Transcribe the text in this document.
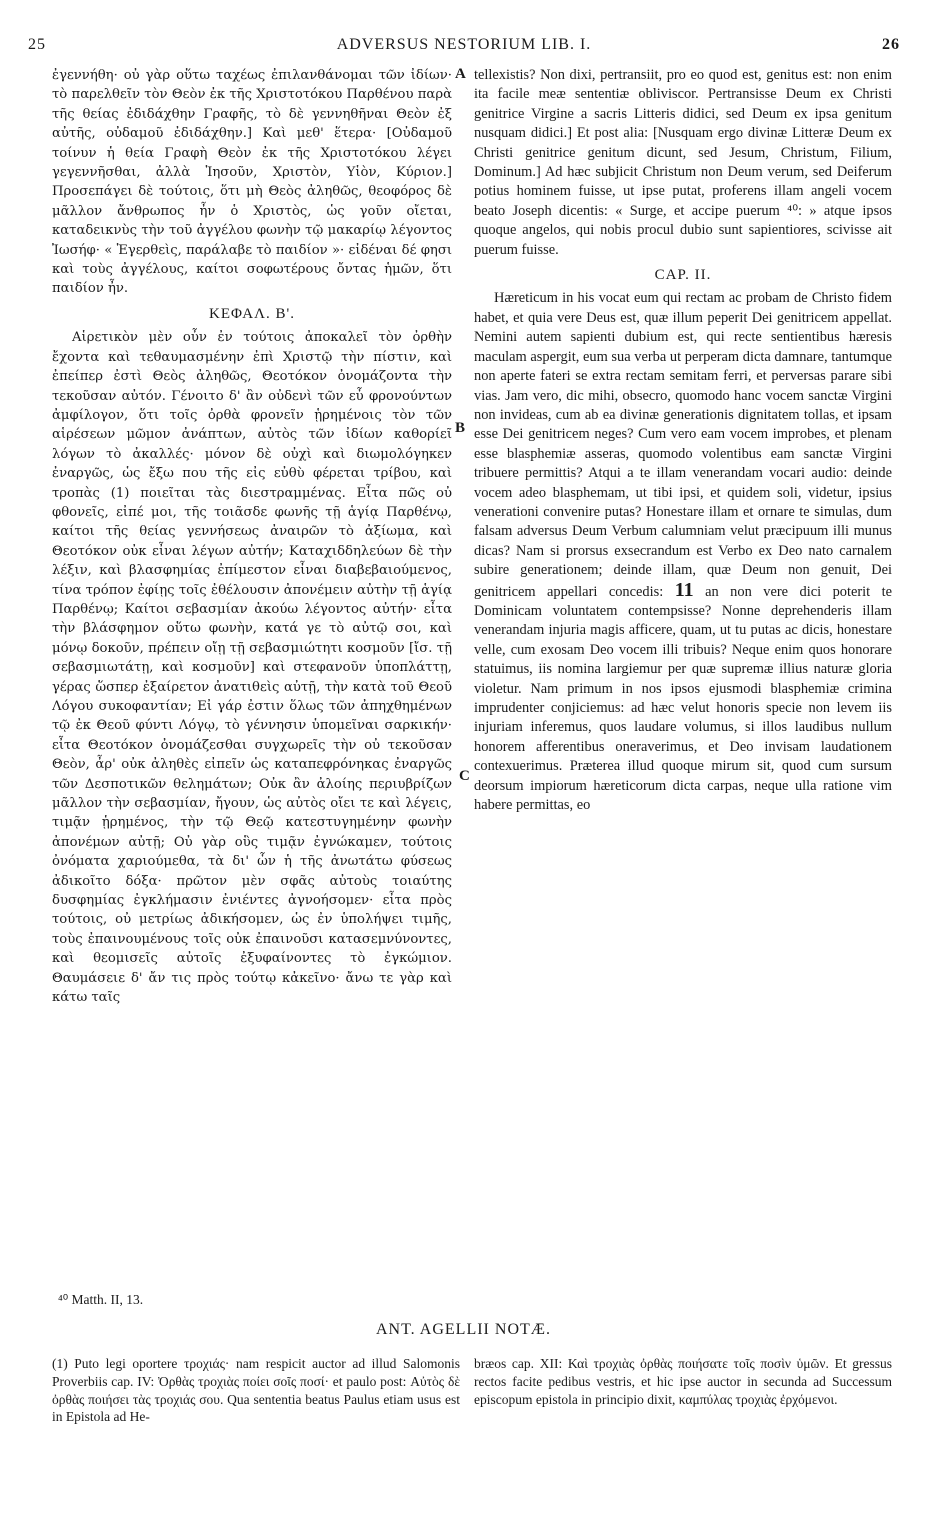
25	ADVERSUS NESTORIUM LIB. I.	26
A
B
C

ἐγεννήθη· οὐ γὰρ οὕτω ταχέως ἐπιλανθάνομαι τῶν ἰδίων· τὸ παρελθεῖν τὸν Θεὸν ἐκ τῆς Χριστοτόκου Παρθένου παρὰ τῆς θείας ἐδιδάχθην Γραφῆς, τὸ δὲ γεννηθῆναι Θεὸν ἐξ αὐτῆς, οὐδαμοῦ ἐδιδάχθην.] Καὶ μεθ' ἕτερα· [Οὐδαμοῦ τοίνυν ἡ θεία Γραφὴ Θεὸν ἐκ τῆς Χριστοτόκου λέγει γεγεννῆσθαι, ἀλλὰ Ἰησοῦν, Χριστὸν, Υἱὸν, Κύριον.] Προσεπάγει δὲ τούτοις, ὅτι μὴ Θεὸς ἀληθῶς, θεοφόρος δὲ μᾶλλον ἄνθρωπος ἦν ὁ Χριστὸς, ὡς γοῦν οἴεται, καταδεικνὺς τὴν τοῦ ἀγγέλου φωνὴν τῷ μακαρίῳ λέγοντος Ἰωσήφ· « Ἐγερθεὶς, παράλαβε τὸ παιδίον »· εἰδέναι δέ φησι καὶ τοὺς ἀγγέλους, καίτοι σοφωτέρους ὄντας ἡμῶν, ὅτι παιδίον ἦν.

ΚΕΦΑΛ. Β'.

Αἱρετικὸν μὲν οὖν ἐν τούτοις ἀποκαλεῖ τὸν ὀρθὴν ἔχοντα καὶ τεθαυμασμένην ἐπὶ Χριστῷ τὴν πίστιν, καὶ ἐπείπερ ἐστὶ Θεὸς ἀληθῶς, Θεοτόκον ὀνομάζοντα τὴν τεκοῦσαν αὐτόν. Γένοιτο δ' ἂν οὐδενὶ τῶν εὖ φρονούντων ἀμφίλογον, ὅτι τοῖς ὀρθὰ φρονεῖν ᾑρημένοις τὸν τῶν αἱρέσεων μῶμον ἀνάπτων, αὐτὸς τῶν ἰδίων καθορίεῖ λόγων τὸ ἀκαλλές· μόνον δὲ οὐχὶ καὶ διωμολόγηκεν ἐναργῶς, ὡς ἔξω που τῆς εἰς εὐθὺ φέρεται τρίβου, καὶ τροπὰς (1) ποιεῖται τὰς διεστραμμένας. Εἶτα πῶς οὐ φθονεῖς, εἰπέ μοι, τῆς τοιᾶσδε φωνῆς τῇ ἁγίᾳ Παρθένῳ, καίτοι τῆς θείας γεννήσεως ἀναιρῶν τὸ ἀξίωμα, καὶ Θεοτόκον οὐκ εἶναι λέγων αὐτήν; Καταχιδδηλεύων δὲ τὴν λέξιν, καὶ βλασφημίας ἐπίμεστον εἶναι διαβεβαιούμενος, τίνα τρόπον ἐφίῃς τοῖς ἐθέλουσιν ἀπονέμειν αὐτὴν τῇ ἁγίᾳ Παρθένῳ; Καίτοι σεβασμίαν ἀκούω λέγοντος αὐτήν· εἶτα τὴν βλάσφημον οὕτω φωνὴν, κατά γε τὸ αὐτῷ σοι, καὶ μόνῳ δοκοῦν, πρέπειν οἴῃ τῇ σεβασμιώτητι κοσμοῦν [ἴσ. τῇ σεβασμιωτάτῃ, καὶ κοσμοῦν] καὶ στεφανοῦν ὑποπλάττῃ, γέρας ὥσπερ ἐξαίρετον ἀνατιθεὶς αὐτῇ, τὴν κατὰ τοῦ Θεοῦ Λόγου συκοφαντίαν; Εἰ γάρ ἐστιν ὅλως τῶν ἀπηχθημένων τῷ ἐκ Θεοῦ φύντι Λόγῳ, τὸ γέννησιν ὑπομεῖναι σαρκικήν· εἶτα Θεοτόκον ὀνομάζεσθαι συγχωρεῖς τὴν οὐ τεκοῦσαν Θεὸν, ἆρ' οὐκ ἀληθὲς εἰπεῖν ὡς καταπεφρόνηκας ἐναργῶς τῶν Δεσποτικῶν θελημάτων; Οὐκ ἂν ἀλοίης περιυβρίζων μᾶλλον τὴν σεβασμίαν, ἤγουν, ὡς αὐτὸς οἴει τε καὶ λέγεις, τιμᾷν ᾑρημένος, τὴν τῷ Θεῷ κατεστυγημένην φωνὴν ἀπονέμων αὐτῇ; Οὐ γὰρ οὓς τιμᾷν ἐγνώκαμεν, τούτοις ὀνόματα χαριούμεθα, τὰ δι' ὧν ἡ τῆς ἀνωτάτω φύσεως ἀδικοῖτο δόξα· πρῶτον μὲν σφᾶς αὐτοὺς τοιαύτης δυσφημίας ἐγκλήμασιν ἐνιέντες ἀγνοήσομεν· εἶτα πρὸς τούτοις, οὐ μετρίως ἀδικήσομεν, ὡς ἐν ὑπολήψει τιμῆς, τοὺς ἐπαινουμένους τοῖς οὐκ ἐπαινοῦσι κατασεμνύνοντες, καὶ θεομισεῖς αὐτοῖς ἐξυφαίνοντες τὸ ἐγκώμιον. Θαυμάσειε δ' ἄν τις πρὸς τούτῳ κἀκεῖνο· ἄνω τε γὰρ καὶ κάτω ταῖς

tellexistis? Non dixi, pertransiit, pro eo quod est, genitus est: non enim ita facile meæ sententiæ obliviscor. Pertransisse Deum ex Christi genitrice Virgine a sacris Litteris didici, sed Deum ex ipsa genitum nusquam didici.] Et post alia: [Nusquam ergo divinæ Litteræ Deum ex Christi genitrice genitum dicunt, sed Jesum, Christum, Filium, Dominum.] Ad hæc subjicit Christum non Deum verum, sed Deiferum potius hominem fuisse, ut ipse putat, proferens illam angeli vocem beato Joseph dicentis: « Surge, et accipe puerum ⁴⁰: » atque ipsos quoque angelos, qui nobis procul dubio sunt sapientiores, scivisse ait puerum fuisse.

CAP. II.

Hæreticum in his vocat eum qui rectam ac probam de Christo fidem habet, et quia vere Deus est, quæ illum peperit Dei genitricem appellat. Nemini autem sapienti dubium est, qui recte sentientibus hæresis maculam aspergit, eum sua verba ut perperam dicta damnare, tantumque non aperte fateri se extra rectam semitam ferri, et perversas parare sibi vias. Jam vero, dic mihi, obsecro, quomodo hanc vocem sanctæ Virgini non invideas, cum ab ea divinæ generationis dignitatem tollas, et ipsam esse Dei genitricem neges? Cum vero eam vocem improbes, et plenam esse blasphemiæ asseras, quomodo volentibus eam sanctæ Virgini tribuere permittis? Atqui a te illam venerandam vocari audio: deinde vocem adeo blasphemam, ut tibi ipsi, et quidem soli, videtur, ipsius venerationi convenire putas? Honestare illam et ornare te simulas, dum falsam adversus Deum Verbum calumniam velut præcipuum illi munus dicas? Nam si prorsus exsecrandum est Verbo ex Deo nato carnalem subire generationem; deinde illam, quæ Deum non genuit, Dei genitricem appellari concedis: 11 an non vere dici poterit te Dominicam voluntatem contempsisse? Nonne deprehenderis illam venerandam injuria magis afficere, quam, ut tu putas ac dicis, honestare velle, cum exosam Deo vocem illi tribuis? Neque enim quos honorare statuimus, iis nomina largiemur per quæ supremæ illius naturæ gloria violetur. Nam primum in nos ipsos ejusmodi blasphemiæ crimina imprudenter conjiciemus: ad hæc velut honoris specie non levem iis injuriam inferemus, quos laudare volumus, si illos laudibus nullum honorem afferentibus oneraverimus, et Deo invisam laudationem contexuerimus. Præterea illud quoque mirum sit, quod cum sursum deorsum impiorum hæreticorum dicta carpas, neque ulla ratione vim habere permittas, eo

⁴⁰ Matth. II, 13.
ANT. AGELLII NOTÆ.
(1) Puto legi oportere τροχιάς· nam respicit auctor ad illud Salomonis Proverbiis cap. IV: Ὀρθὰς τροχιὰς ποίει σοῖς ποσί· et paulo post: Αὐτὸς δὲ ὀρθὰς ποιήσει τὰς τροχιάς σου. Qua sententia beatus Paulus etiam usus est in Epistola ad He-
bræos cap. XII: Καὶ τροχιὰς ὀρθὰς ποιήσατε τοῖς ποσὶν ὑμῶν. Et gressus rectos facite pedibus vestris, et hic ipse auctor in secunda ad Successum episcopum epistola in principio dixit, καμπύλας τροχιὰς ἐρχόμενοι.
